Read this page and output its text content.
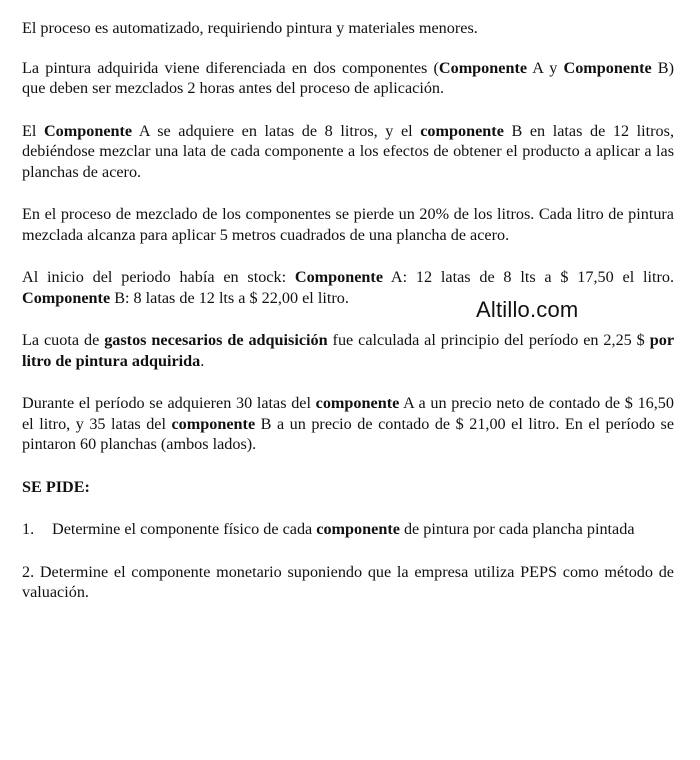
El proceso es automatizado, requiriendo pintura y materiales menores.

La pintura adquirida viene diferenciada en dos componentes (Componente A y Componente B) que deben ser mezclados 2 horas antes del proceso de aplicación.

El Componente A se adquiere en latas de 8 litros, y el componente B en latas de 12 litros, debiéndose mezclar una lata de cada componente a los efectos de obtener el producto a aplicar a las planchas de acero.

En el proceso de mezclado de los componentes se pierde un 20% de los litros. Cada litro de pintura mezclada alcanza para aplicar 5 metros cuadrados de una plancha de acero.

Al inicio del periodo había en stock: Componente A: 12 latas de 8 lts a $ 17,50 el litro. Componente B: 8 latas de 12 lts a $ 22,00 el litro.

La cuota de gastos necesarios de adquisición fue calculada al principio del período en 2,25 $ por litro de pintura adquirida.

Durante el período se adquieren 30 latas del componente A a un precio neto de contado de $ 16,50 el litro, y 35 latas del componente B a un precio de contado de $ 21,00 el litro. En el período se pintaron 60 planchas (ambos lados).

SE PIDE:

1.	Determine el componente físico de cada componente de pintura por cada plancha pintada

2. Determine el componente monetario suponiendo que la empresa utiliza PEPS como método de valuación.

Altillo.com
